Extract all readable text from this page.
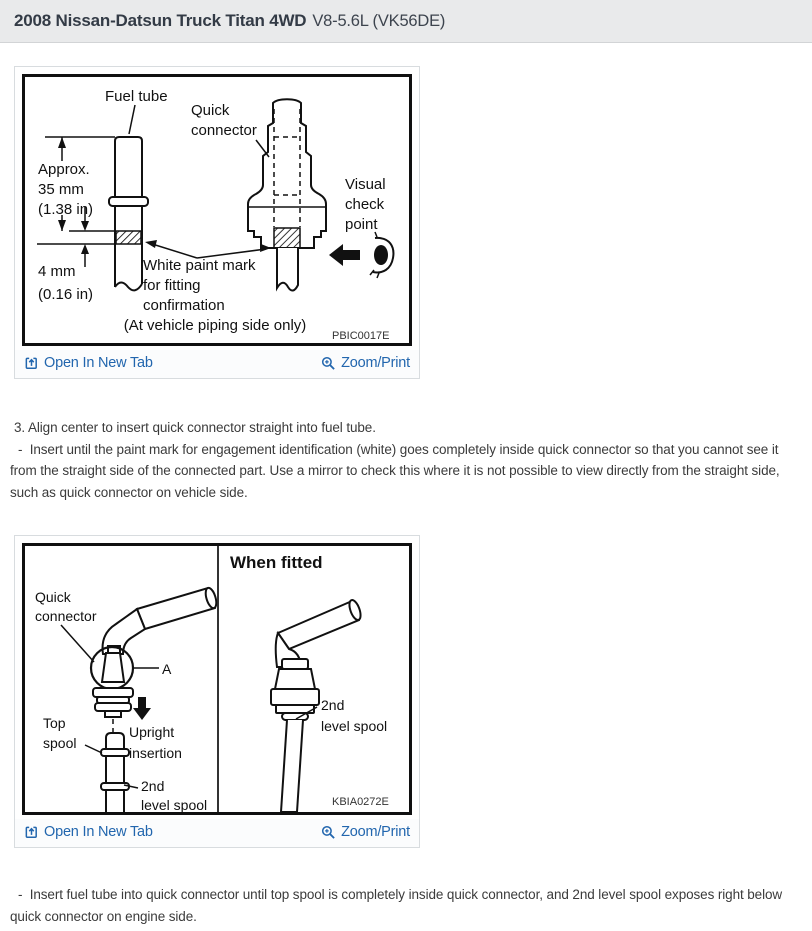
2008 Nissan-Datsun Truck Titan 4WD V8-5.6L (VK56DE)
Approx.
35 mm
(1.38 in)
4 mm
(0.16 in)
Fuel tube
Quick
connector
Visual
check
point
White paint mark
for fitting
confirmation
(At vehicle piping side only)
PBIC0017E
Open In New Tab	Zoom/Print

3. Align center to insert quick connector straight into fuel tube.

-  Insert until the paint mark for engagement identification (white) goes completely inside quick connector so that you cannot see it from the straight side of the connected part. Use a mirror to check this where it is not possible to view directly from the straight side, such as quick connector on vehicle side.

Quick
connector
A
Top
spool
Upright
insertion
2nd
level spool
When fitted
2nd
level spool
KBIA0272E
Open In New Tab	Zoom/Print

-  Insert fuel tube into quick connector until top spool is completely inside quick connector, and 2nd level spool exposes right below quick connector on engine side.
